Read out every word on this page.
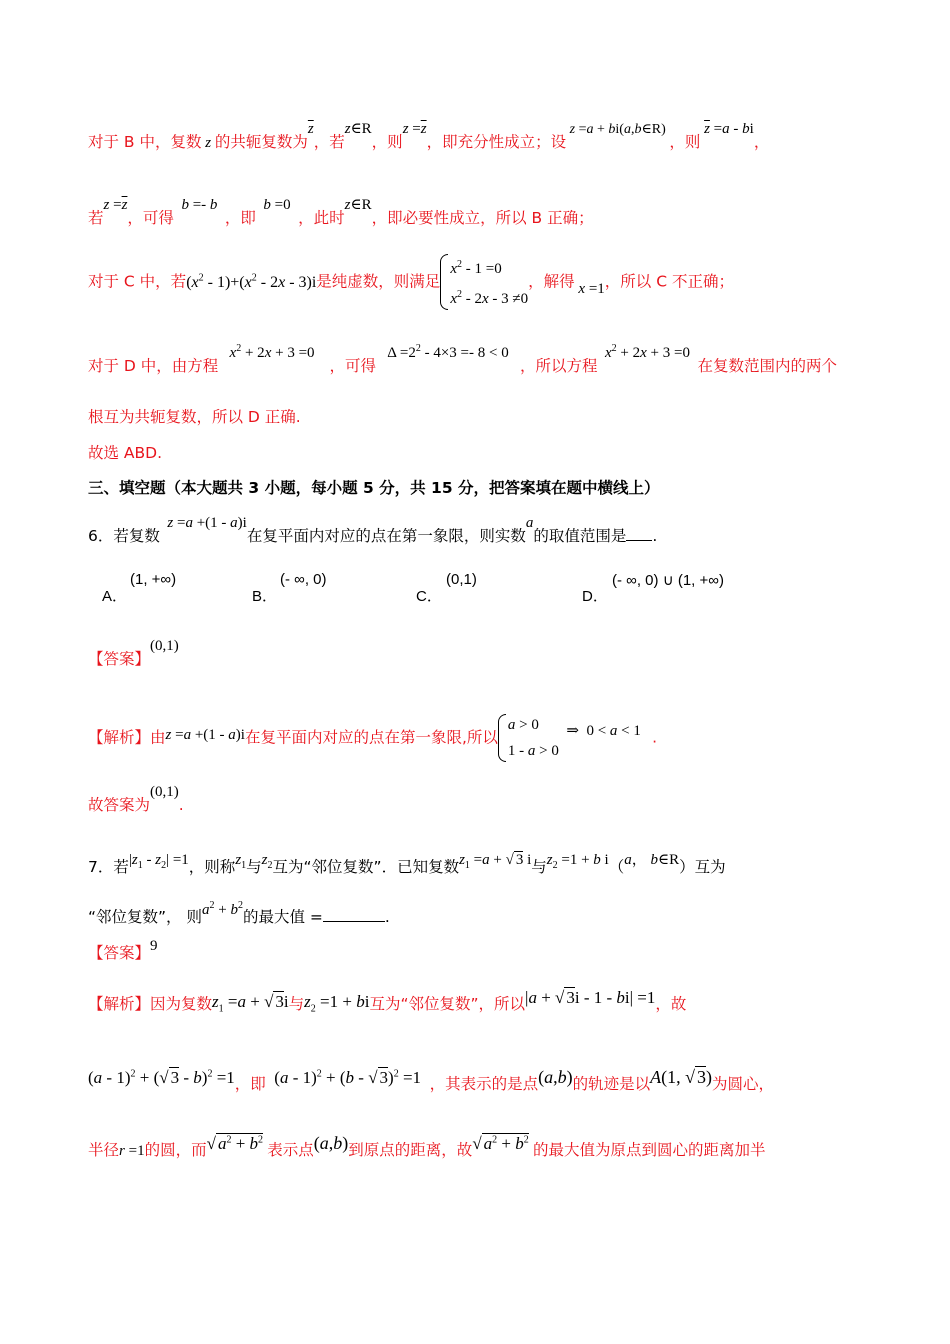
对于 B 中，复数 z 的共轭复数为$\overline{z}$，若z∈R，则$z =\overline{z}$，即充分性成立；设 z =a + bi(a,b∈R) ，则 $\overline{z} =a$ - bi，
若$z =\overline{z}$，可得  b =- b  ，即  b =0  ，此时z∈R，即必要性成立，所以 B 正确；
对于 C 中，若$(x^2 - 1)+(x^2 - 2x - 3)i$是纯虚数，则满足
$x^2 - 1 =0$
$x^2 - 2x - 3 \ne 0$
，解得 x =1，所以 C 不正确；
对于 D 中，由方程   $x^2 + 2x + 3 =0$    ，可得   $\Delta =2^2 - 4\times 3 =- 8 < 0$   ，所以方程  $x^2 + 2x + 3 =0$  在复数范围内的两个
根互为共轭复数，所以 D 正确.
故选 ABD.
三、填空题（本大题共 3 小题，每小题 5 分，共 15 分，把答案填在题中横线上）
6．若复数  z =a +(1 - a)i在复平面内对应的点在第一象限，则实数a的取值范围是 .
A．
(1, +∞)
B．
(- ∞, 0)
C．
(0,1)
D．
(- ∞, 0) ∪ (1, +∞)
【答案】(0,1)
【解析】由z =a +(1 - a)i在复平面内对应的点在第一象限,所以
a > 0
1 - a > 0
⇒  0 < a < 1   .
故答案为(0,1).
7．若$|z_1 - z_2| =1$，则称$z_1$与$z_2$互为“邻位复数”．已知复数$z_1 =a$ + √ 3 i与$z_2 =1 + b$ i（a， b∈R）互为
“邻位复数”， 则$a^2 + b^2$的最大值 =	.
【答案】9
【解析】因为复数$z_1 =a$ + √ 3i与$z_2 =1$ + bi互为“邻位复数”，所以|a + √ 3i - 1 - bi| =1，故
(a - 1)$^2$ + (√ 3 - b)$^2$ =1，即  (a - 1)$^2$ + (b - √ 3)$^2$ =1  ，其表示的是点(a,b)的轨迹是以A(1, √ 3)为圆心，
半径r =1的圆，而√ $a^2 + b^2$ 表示点(a,b)到原点的距离，故√ $a^2 + b^2$ 的最大值为原点到圆心的距离加半
